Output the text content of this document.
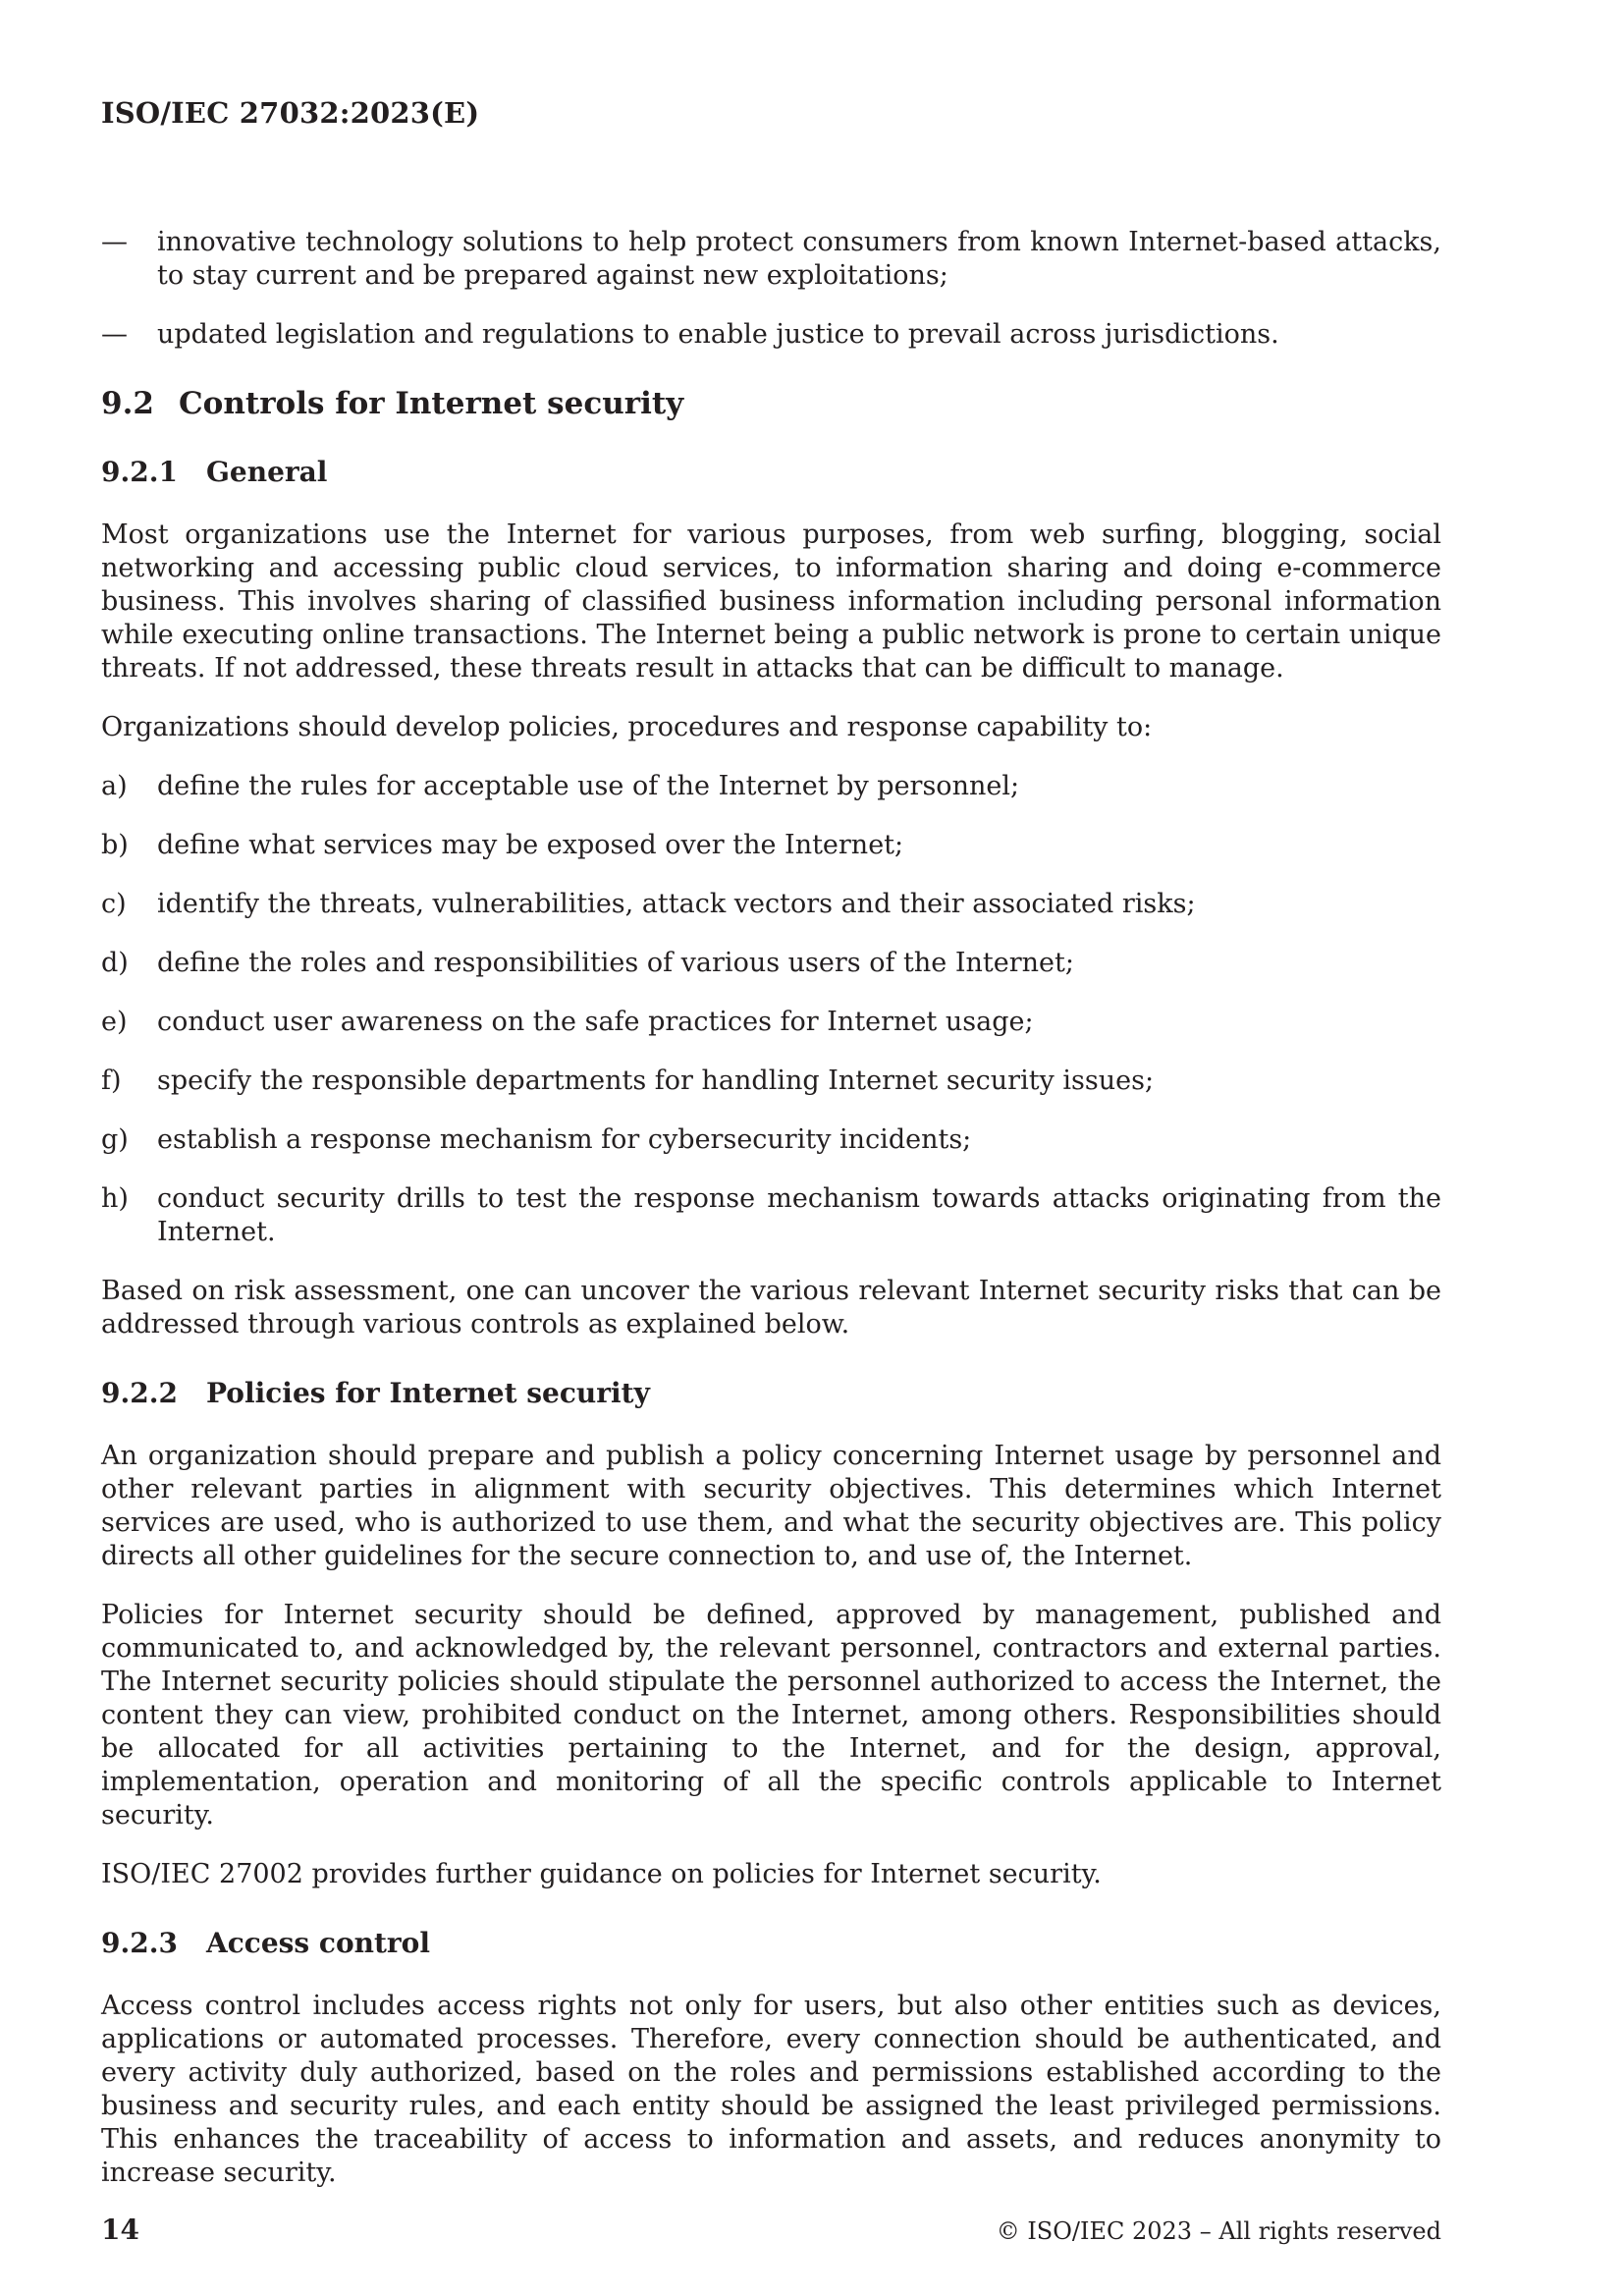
ISO/IEC 27032:2023(E)
—	innovative technology solutions to help protect consumers from known Internet-based attacks, to stay current and be prepared against new exploitations;
—	updated legislation and regulations to enable justice to prevail across jurisdictions.
9.2 Controls for Internet security
9.2.1	General

Most organizations use the Internet for various purposes, from web surfing, blogging, social networking and accessing public cloud services, to information sharing and doing e-commerce business. This involves sharing of classified business information including personal information while executing online transactions. The Internet being a public network is prone to certain unique threats. If not addressed, these threats result in attacks that can be difficult to manage.

Organizations should develop policies, procedures and response capability to:

a)	define the rules for acceptable use of the Internet by personnel;
b)	define what services may be exposed over the Internet;
c)	identify the threats, vulnerabilities, attack vectors and their associated risks;
d)	define the roles and responsibilities of various users of the Internet;
e)	conduct user awareness on the safe practices for Internet usage;
f)	specify the responsible departments for handling Internet security issues;
g)	establish a response mechanism for cybersecurity incidents;
h)	conduct security drills to test the response mechanism towards attacks originating from the Internet.

Based on risk assessment, one can uncover the various relevant Internet security risks that can be addressed through various controls as explained below.

9.2.2	Policies for Internet security

An organization should prepare and publish a policy concerning Internet usage by personnel and other relevant parties in alignment with security objectives. This determines which Internet services are used, who is authorized to use them, and what the security objectives are. This policy directs all other guidelines for the secure connection to, and use of, the Internet.

Policies for Internet security should be defined, approved by management, published and communicated to, and acknowledged by, the relevant personnel, contractors and external parties. The Internet security policies should stipulate the personnel authorized to access the Internet, the content they can view, prohibited conduct on the Internet, among others. Responsibilities should be allocated for all activities pertaining to the Internet, and for the design, approval, implementation, operation and monitoring of all the specific controls applicable to Internet security.

ISO/IEC 27002 provides further guidance on policies for Internet security.

9.2.3	Access control

Access control includes access rights not only for users, but also other entities such as devices, applications or automated processes. Therefore, every connection should be authenticated, and every activity duly authorized, based on the roles and permissions established according to the business and security rules, and each entity should be assigned the least privileged permissions. This enhances the traceability of access to information and assets, and reduces anonymity to increase security.

14	© ISO/IEC 2023 – All rights reserved
